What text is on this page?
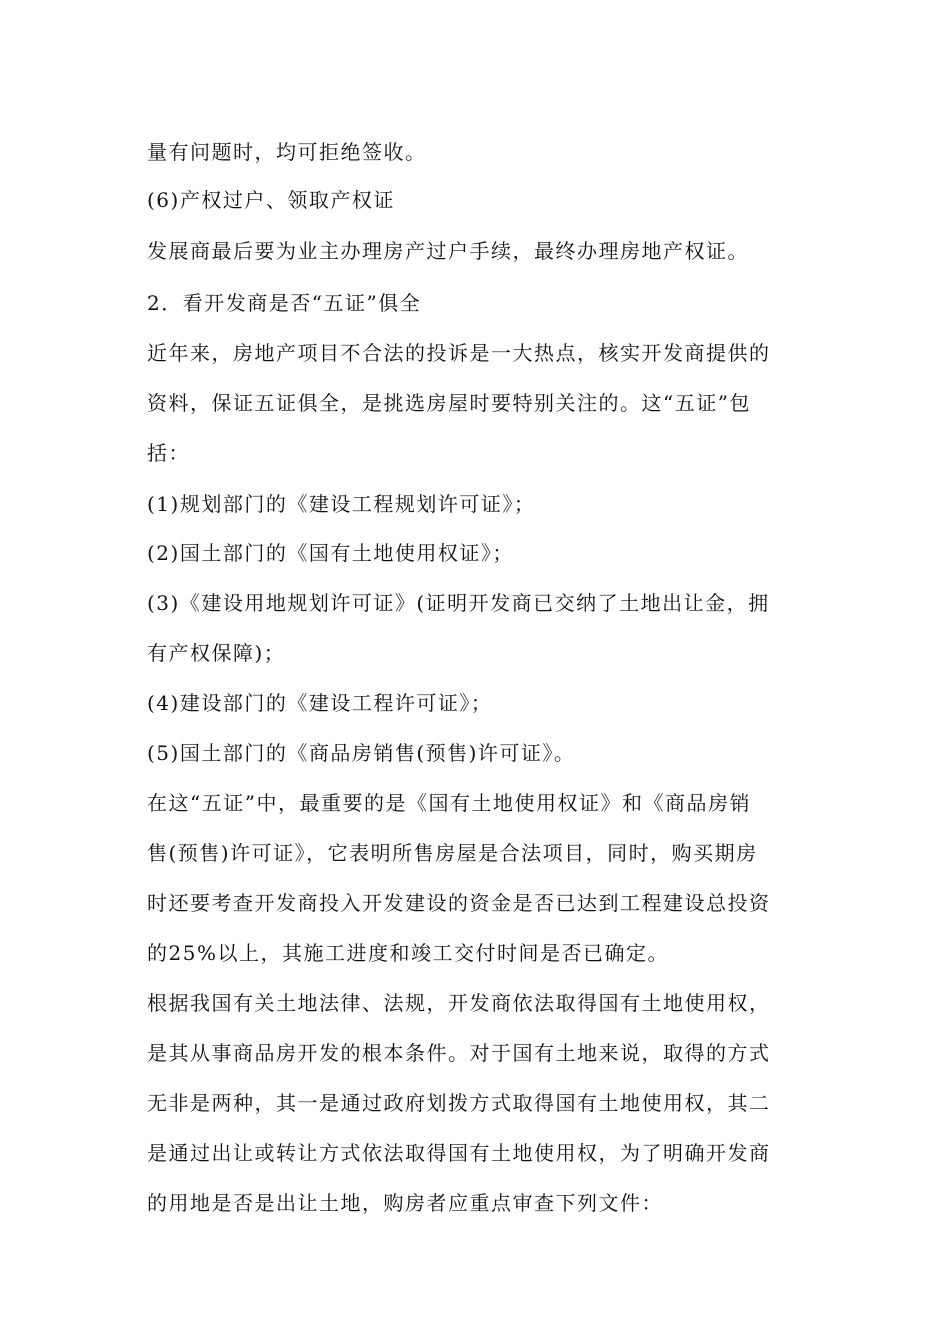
量有问题时，均可拒绝签收。
(6)产权过户、领取产权证
发展商最后要为业主办理房产过户手续，最终办理房地产权证。
2．看开发商是否“五证”俱全
近年来，房地产项目不合法的投诉是一大热点，核实开发商提供的
资料，保证五证俱全，是挑选房屋时要特别关注的。这“五证”包
括：
(1)规划部门的《建设工程规划许可证》；
(2)国土部门的《国有土地使用权证》；
(3)《建设用地规划许可证》(证明开发商已交纳了土地出让金，拥
有产权保障)；
(4)建设部门的《建设工程许可证》；
(5)国土部门的《商品房销售(预售)许可证》。
在这“五证”中，最重要的是《国有土地使用权证》和《商品房销
售(预售)许可证》，它表明所售房屋是合法项目，同时，购买期房
时还要考查开发商投入开发建设的资金是否已达到工程建设总投资
的25%以上，其施工进度和竣工交付时间是否已确定。
根据我国有关土地法律、法规，开发商依法取得国有土地使用权，
是其从事商品房开发的根本条件。对于国有土地来说，取得的方式
无非是两种，其一是通过政府划拨方式取得国有土地使用权，其二
是通过出让或转让方式依法取得国有土地使用权，为了明确开发商
的用地是否是出让土地，购房者应重点审查下列文件：
